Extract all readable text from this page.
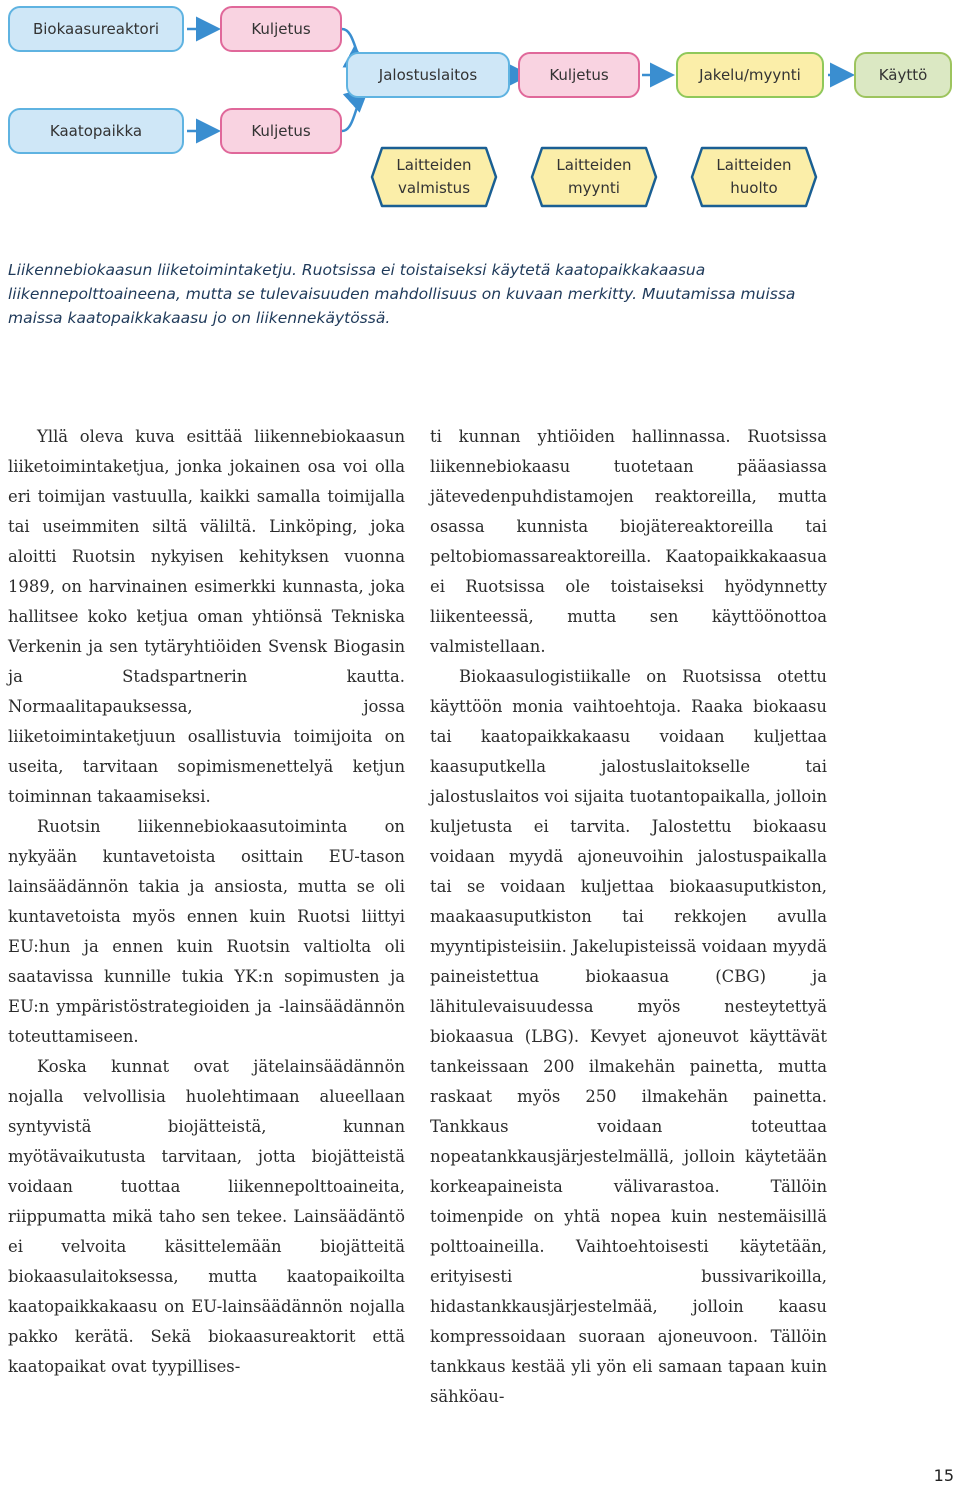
Biokaasureaktori	Kuljetus
Jalostuslaitos	Kuljetus	Jakelu/myynti	Käyttö
Kaatopaikka	Kuljetus
Laitteiden
valmistus
Laitteiden
myynti
Laitteiden
huolto

Liikennebiokaasun liiketoimintaketju. Ruotsissa ei toistaiseksi käytetä kaatopaikkakaasua liikennepolttoaineena, mutta se tulevaisuuden mahdollisuus on kuvaan merkitty. Muutamissa muissa maissa kaatopaikkakaasu jo on liikennekäytössä.

Yllä oleva kuva esittää liikennebiokaasun liiketoimintaketjua, jonka jokainen osa voi olla eri toimijan vastuulla, kaikki samalla toimijalla tai useimmiten siltä väliltä. Linköping, joka aloitti Ruotsin nykyisen kehityksen vuonna 1989, on harvinainen esimerkki kunnasta, joka hallitsee koko ketjua oman yhtiönsä Tekniska Verkenin ja sen tytäryhtiöiden Svensk Biogasin ja Stadspartnerin kautta. Normaalitapauksessa, jossa liiketoimintaketjuun osallistuvia toimijoita on useita, tarvitaan sopimismenettelyä ketjun toiminnan takaamiseksi.

Ruotsin liikennebiokaasutoiminta on nykyään kuntavetoista osittain EU-tason lainsäädännön takia ja ansiosta, mutta se oli kuntavetoista myös ennen kuin Ruotsi liittyi EU:hun ja ennen kuin Ruotsin valtiolta oli saatavissa kunnille tukia YK:n sopimusten ja EU:n ympäristöstrategioiden ja -lainsäädännön toteuttamiseen.

Koska kunnat ovat jätelainsäädännön nojalla velvollisia huolehtimaan alueellaan syntyvistä biojätteistä, kunnan myötävaikutusta tarvitaan, jotta biojätteistä voidaan tuottaa liikennepolttoaineita, riippumatta mikä taho sen tekee. Lainsäädäntö ei velvoita käsittelemään biojätteitä biokaasulaitoksessa, mutta kaatopaikoilta kaatopaikkakaasu on EU-lainsäädännön nojalla pakko kerätä. Sekä biokaasureaktorit että kaatopaikat ovat tyypillises-

ti kunnan yhtiöiden hallinnassa. Ruotsissa liikennebiokaasu tuotetaan pääasiassa jätevedenpuhdistamojen reaktoreilla, mutta osassa kunnista biojätereaktoreilla tai peltobiomassareaktoreilla. Kaatopaikkakaasua ei Ruotsissa ole toistaiseksi hyödynnetty liikenteessä, mutta sen käyttöönottoa valmistellaan.

Biokaasulogistiikalle on Ruotsissa otettu käyttöön monia vaihtoehtoja. Raaka biokaasu tai kaatopaikkakaasu voidaan kuljettaa kaasuputkella jalostuslaitokselle tai jalostuslaitos voi sijaita tuotantopaikalla, jolloin kuljetusta ei tarvita. Jalostettu biokaasu voidaan myydä ajoneuvoihin jalostuspaikalla tai se voidaan kuljettaa biokaasuputkiston, maakaasuputkiston tai rekkojen avulla myyntipisteisiin. Jakelupisteissä voidaan myydä paineistettua biokaasua (CBG) ja lähitulevaisuudessa myös nesteytettyä biokaasua (LBG). Kevyet ajoneuvot käyttävät tankeissaan 200 ilmakehän painetta, mutta raskaat myös 250 ilmakehän painetta. Tankkaus voidaan toteuttaa nopeatankkausjärjestelmällä, jolloin käytetään korkeapaineista välivarastoa. Tällöin toimenpide on yhtä nopea kuin nestemäisillä polttoaineilla. Vaihtoehtoisesti käytetään, erityisesti bussivarikoilla, hidastankkausjärjestelmää, jolloin kaasu kompressoidaan suoraan ajoneuvoon. Tällöin tankkaus kestää yli yön eli samaan tapaan kuin sähköau-

15
